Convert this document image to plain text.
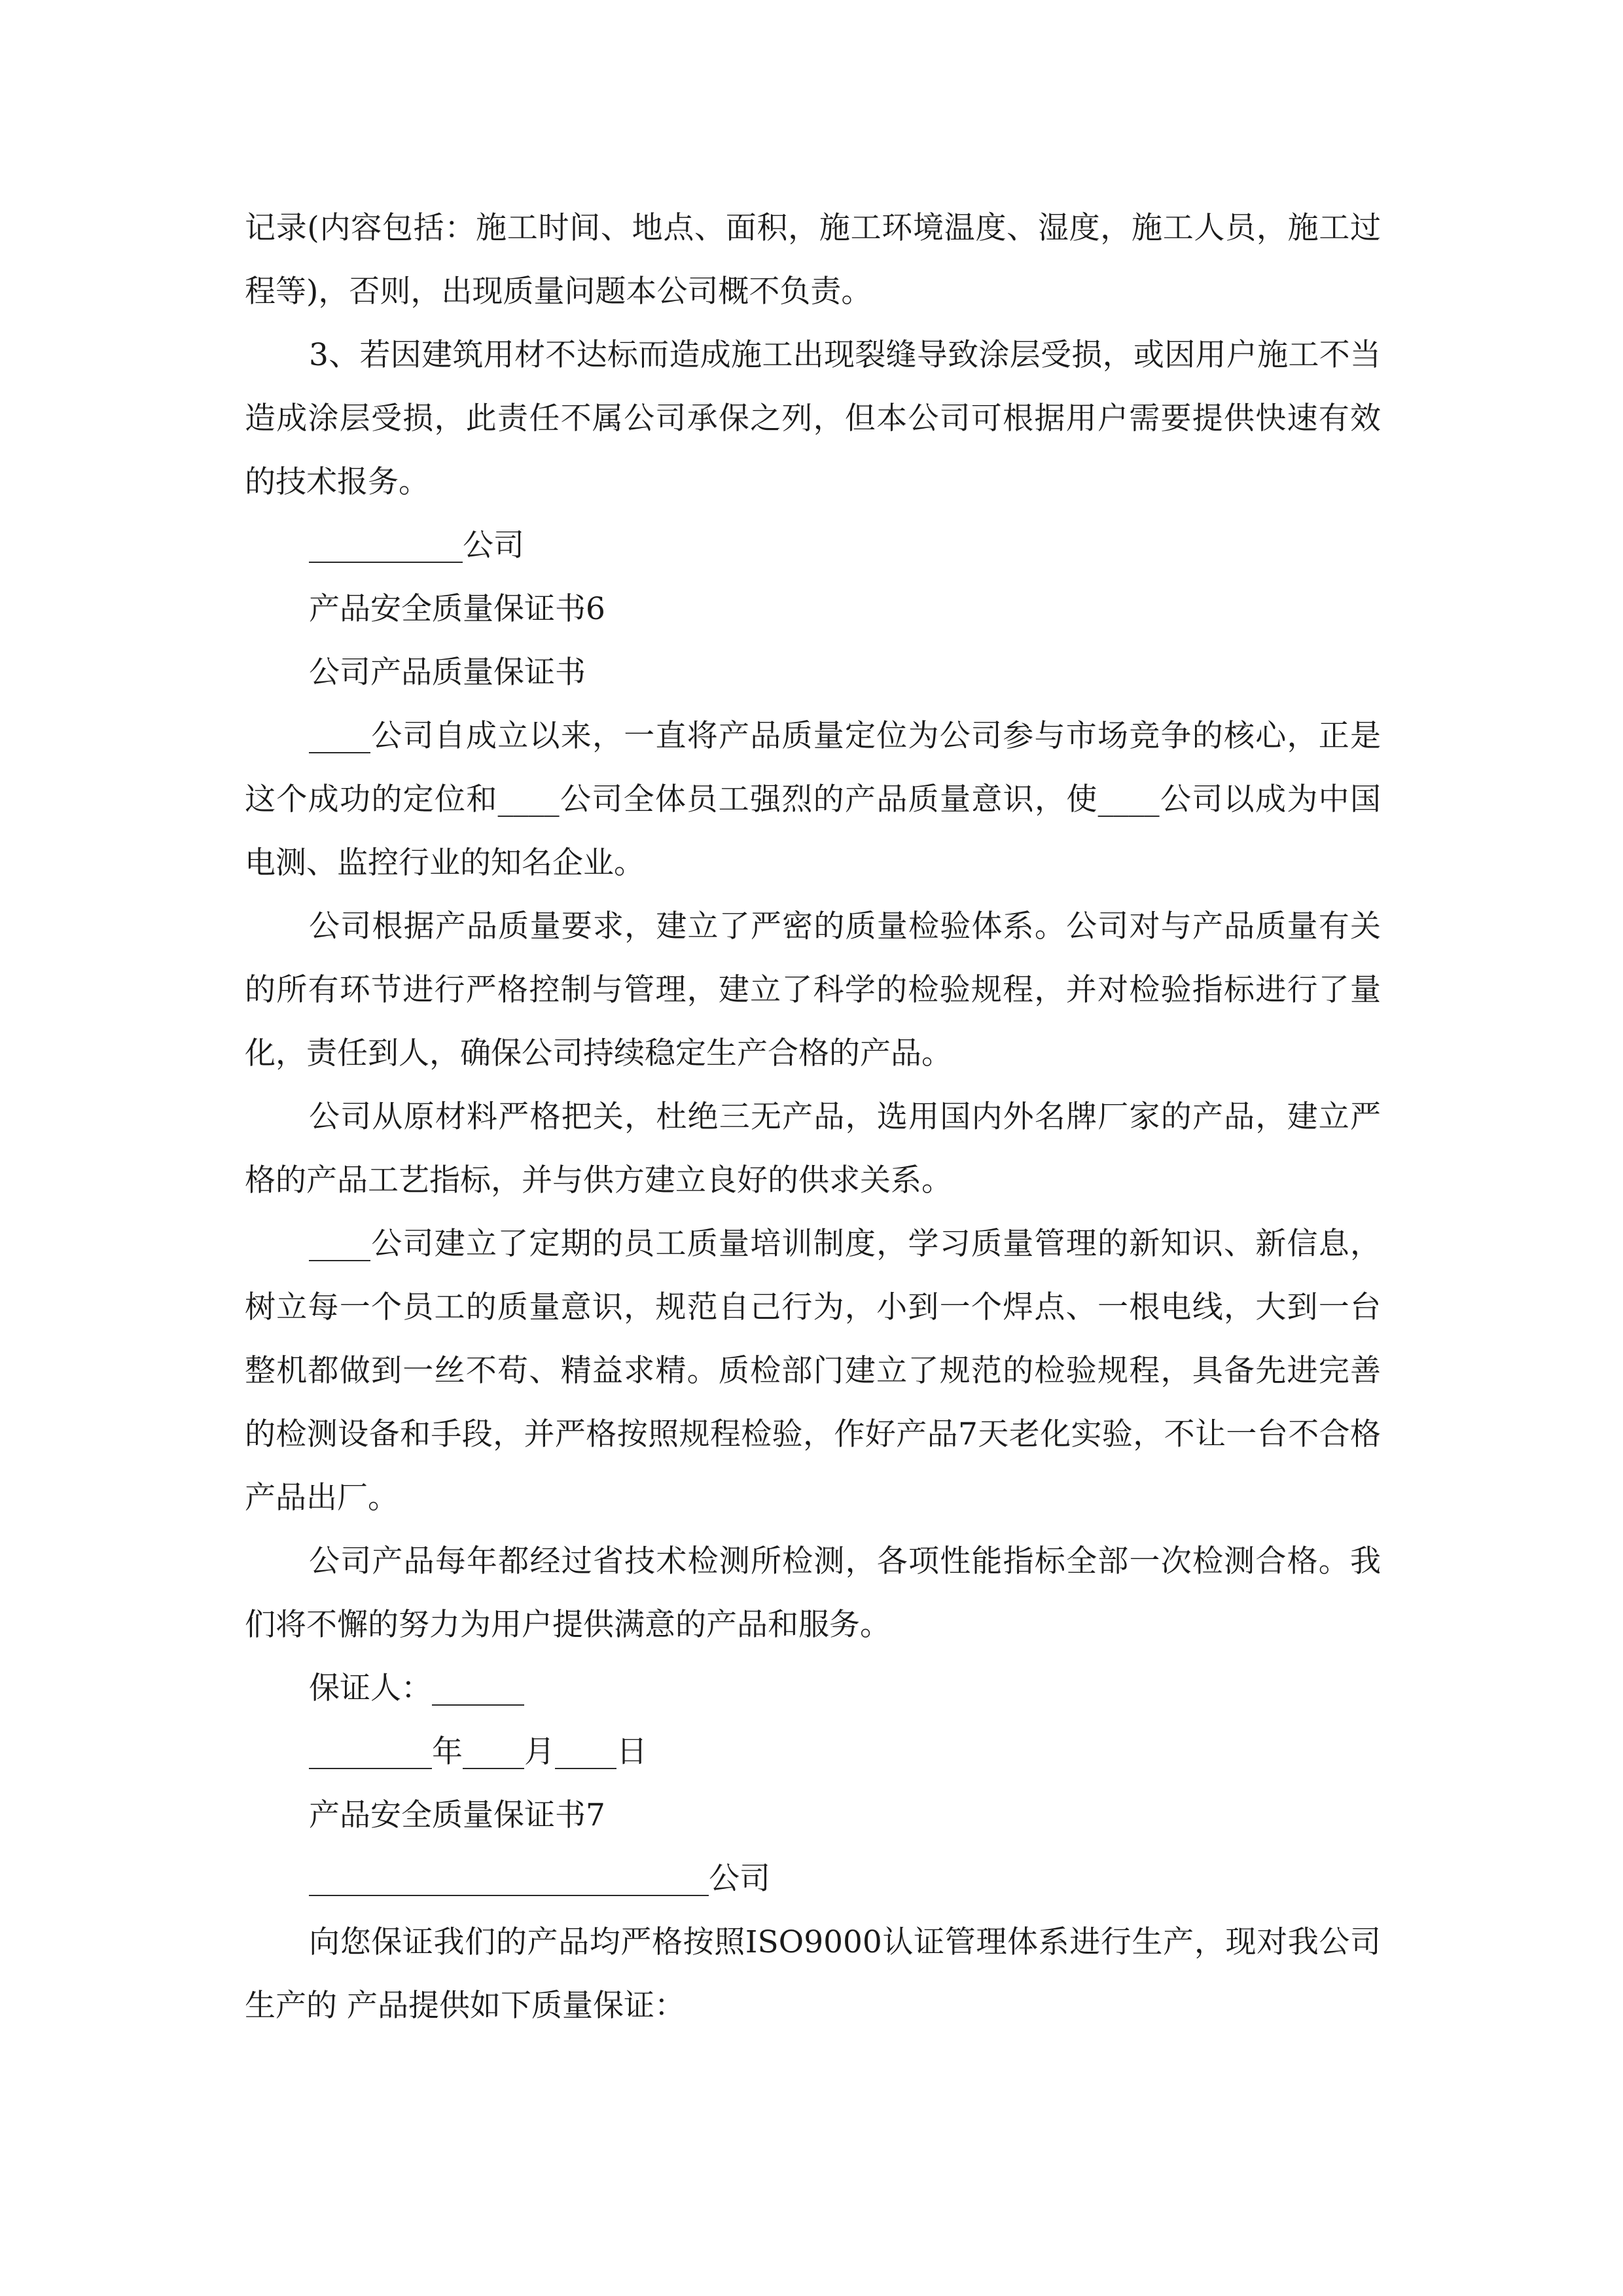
记录(内容包括：施工时间、地点、面积，施工环境温度、湿度，施工人员，施工过程等)，否则，出现质量问题本公司概不负责。

3、若因建筑用材不达标而造成施工出现裂缝导致涂层受损，或因用户施工不当造成涂层受损，此责任不属公司承保之列，但本公司可根据用户需要提供快速有效的技术报务。

__________公司

产品安全质量保证书6

公司产品质量保证书

____公司自成立以来，一直将产品质量定位为公司参与市场竞争的核心，正是这个成功的定位和____公司全体员工强烈的产品质量意识，使____公司以成为中国电测、监控行业的知名企业。

公司根据产品质量要求，建立了严密的质量检验体系。公司对与产品质量有关的所有环节进行严格控制与管理，建立了科学的检验规程，并对检验指标进行了量化，责任到人，确保公司持续稳定生产合格的产品。

公司从原材料严格把关，杜绝三无产品，选用国内外名牌厂家的产品，建立严格的产品工艺指标，并与供方建立良好的供求关系。

____公司建立了定期的员工质量培训制度，学习质量管理的新知识、新信息，树立每一个员工的质量意识，规范自己行为，小到一个焊点、一根电线，大到一台整机都做到一丝不苟、精益求精。质检部门建立了规范的检验规程，具备先进完善的检测设备和手段，并严格按照规程检验，作好产品7天老化实验，不让一台不合格产品出厂。

公司产品每年都经过省技术检测所检测，各项性能指标全部一次检测合格。我们将不懈的努力为用户提供满意的产品和服务。

保证人：______

________年____月____日

产品安全质量保证书7

__________________________公司

向您保证我们的产品均严格按照ISO9000认证管理体系进行生产，现对我公司生产的 产品提供如下质量保证：
